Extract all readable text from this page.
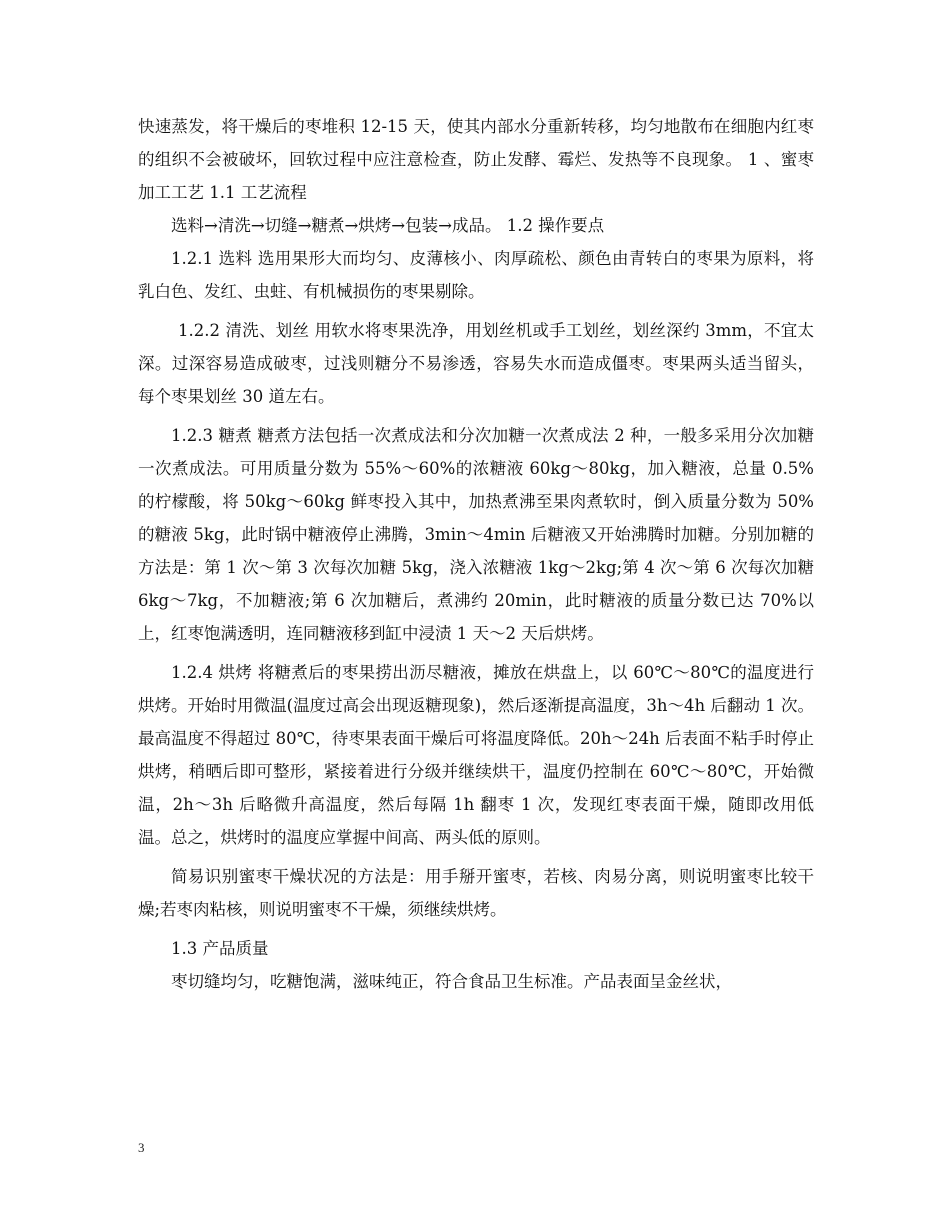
快速蒸发，将干燥后的枣堆积 12-15 天，使其内部水分重新转移，均匀地散布在细胞内红枣的组织不会被破坏，回软过程中应注意检查，防止发酵、霉烂、发热等不良现象。 1 、蜜枣加工工艺 1.1 工艺流程

选料→清洗→切缝→糖煮→烘烤→包装→成品。 1.2 操作要点

1.2.1 选料 选用果形大而均匀、皮薄核小、肉厚疏松、颜色由青转白的枣果为原料，将乳白色、发红、虫蛀、有机械损伤的枣果剔除。

1.2.2 清洗、划丝 用软水将枣果洗净，用划丝机或手工划丝，划丝深约 3mm，不宜太深。过深容易造成破枣，过浅则糖分不易渗透，容易失水而造成僵枣。枣果两头适当留头，每个枣果划丝 30 道左右。

1.2.3 糖煮 糖煮方法包括一次煮成法和分次加糖一次煮成法 2 种，一般多采用分次加糖一次煮成法。可用质量分数为 55%～60%的浓糖液 60kg～80kg，加入糖液，总量 0.5%的柠檬酸，将 50kg～60kg 鲜枣投入其中，加热煮沸至果肉煮软时，倒入质量分数为 50%的糖液 5kg，此时锅中糖液停止沸腾，3min～4min 后糖液又开始沸腾时加糖。分别加糖的方法是：第 1 次～第 3 次每次加糖 5kg，浇入浓糖液 1kg～2kg;第 4 次～第 6 次每次加糖 6kg～7kg，不加糖液;第 6 次加糖后，煮沸约 20min，此时糖液的质量分数已达 70%以上，红枣饱满透明，连同糖液移到缸中浸渍 1 天～2 天后烘烤。

1.2.4 烘烤 将糖煮后的枣果捞出沥尽糖液，摊放在烘盘上，以 60℃～80℃的温度进行烘烤。开始时用微温(温度过高会出现返糖现象)，然后逐渐提高温度，3h～4h 后翻动 1 次。最高温度不得超过 80℃，待枣果表面干燥后可将温度降低。20h～24h 后表面不粘手时停止烘烤，稍晒后即可整形，紧接着进行分级并继续烘干，温度仍控制在 60℃～80℃，开始微温，2h～3h 后略微升高温度，然后每隔 1h 翻枣 1 次，发现红枣表面干燥，随即改用低温。总之，烘烤时的温度应掌握中间高、两头低的原则。

简易识别蜜枣干燥状况的方法是：用手掰开蜜枣，若核、肉易分离，则说明蜜枣比较干燥;若枣肉粘核，则说明蜜枣不干燥，须继续烘烤。

1.3 产品质量

枣切缝均匀，吃糖饱满，滋味纯正，符合食品卫生标准。产品表面呈金丝状，

3
